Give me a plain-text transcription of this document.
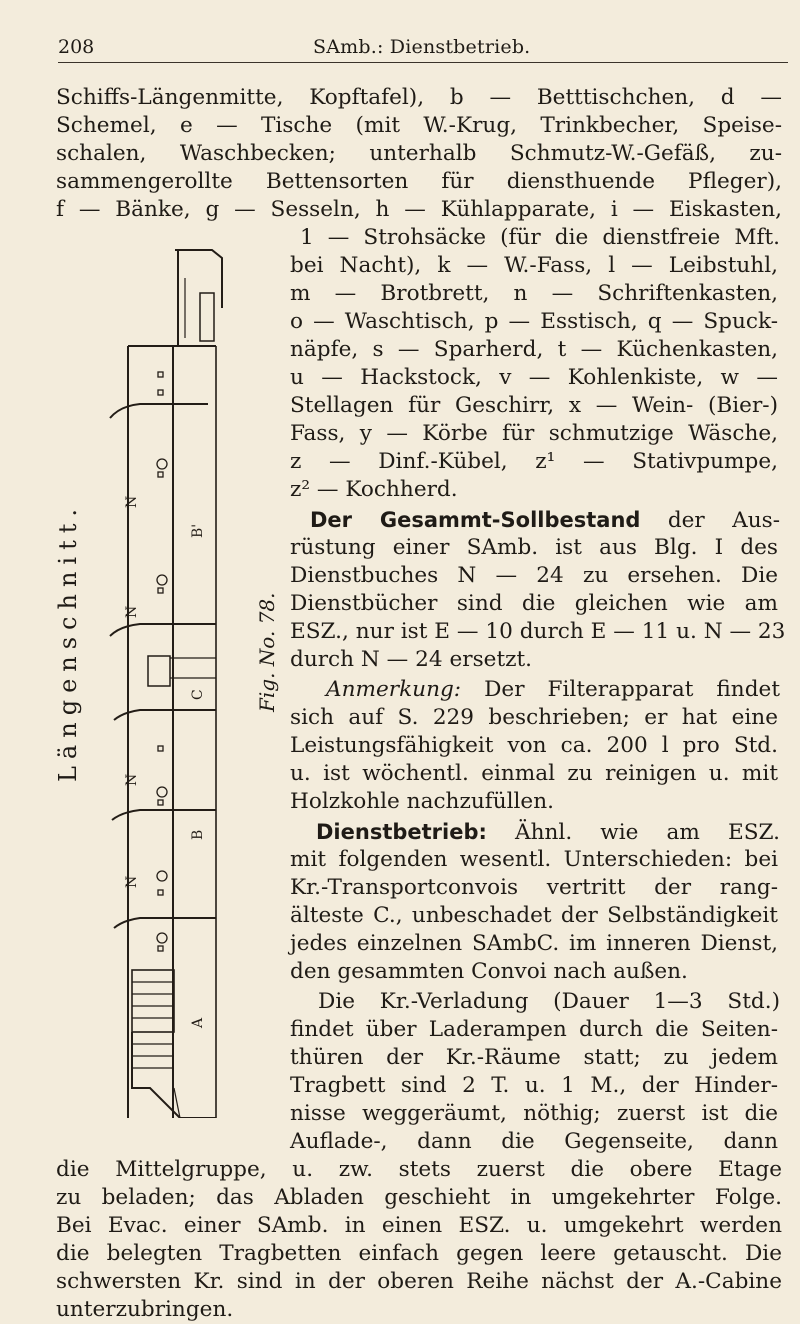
208	SAmb.: Dienstbetrieb.
Schiffs-Längenmitte, Kopftafel), b — Betttischchen, d —
Schemel, e — Tische (mit W.-Krug, Trinkbecher, Speise-
schalen, Waschbecken; unterhalb Schmutz-W.-Gefäß, zu-
sammengerollte Bettensorten für diensthuende Pfleger),
f — Bänke, g — Sesseln, h — Kühlapparate, i — Eiskasten,
1 — Strohsäcke (für die dienstfreie Mft.
bei Nacht), k — W.-Fass, l — Leibstuhl,
m — Brotbrett, n — Schriftenkasten,
o — Waschtisch, p — Esstisch, q — Spuck-
näpfe, s — Sparherd, t — Küchenkasten,
u — Hackstock, v — Kohlenkiste, w —
Stellagen für Geschirr, x — Wein- (Bier-)
Fass, y — Körbe für schmutzige Wäsche,
z — Dinf.-Kübel, z¹ — Stativpumpe,
z² — Kochherd.
Der Gesammt-Sollbestand der Aus-
rüstung einer SAmb. ist aus Blg. I des
Dienstbuches N — 24 zu ersehen. Die
Dienstbücher sind die gleichen wie am
ESZ., nur ist E — 10 durch E — 11 u. N — 23
durch N — 24 ersetzt.
Anmerkung: Der Filterapparat findet
sich auf S. 229 beschrieben; er hat eine
Leistungsfähigkeit von ca. 200 l pro Std.
u. ist wöchentl. einmal zu reinigen u. mit
Holzkohle nachzufüllen.
Dienstbetrieb: Ähnl. wie am ESZ.
mit folgenden wesentl. Unterschieden: bei
Kr.-Transportconvois vertritt der rang-
älteste C., unbeschadet der Selbständigkeit
jedes einzelnen SAmbC. im inneren Dienst,
den gesammten Convoi nach außen.
Die Kr.-Verladung (Dauer 1—3 Std.)
findet über Laderampen durch die Seiten-
thüren der Kr.-Räume statt; zu jedem
Tragbett sind 2 T. u. 1 M., der Hinder-
nisse weggeräumt, nöthig; zuerst ist die
Auflade-, dann die Gegenseite, dann
die Mittelgruppe, u. zw. stets zuerst die obere Etage
zu beladen; das Abladen geschieht in umgekehrter Folge.
Bei Evac. einer SAmb. in einen ESZ. u. umgekehrt werden
die belegten Tragbetten einfach gegen leere getauscht. Die
schwersten Kr. sind in der oberen Reihe nächst der A.-Cabine
unterzubringen.
Längenschnitt.	Fig. No. 78.
N
N
N
N
B'
C
B
A
